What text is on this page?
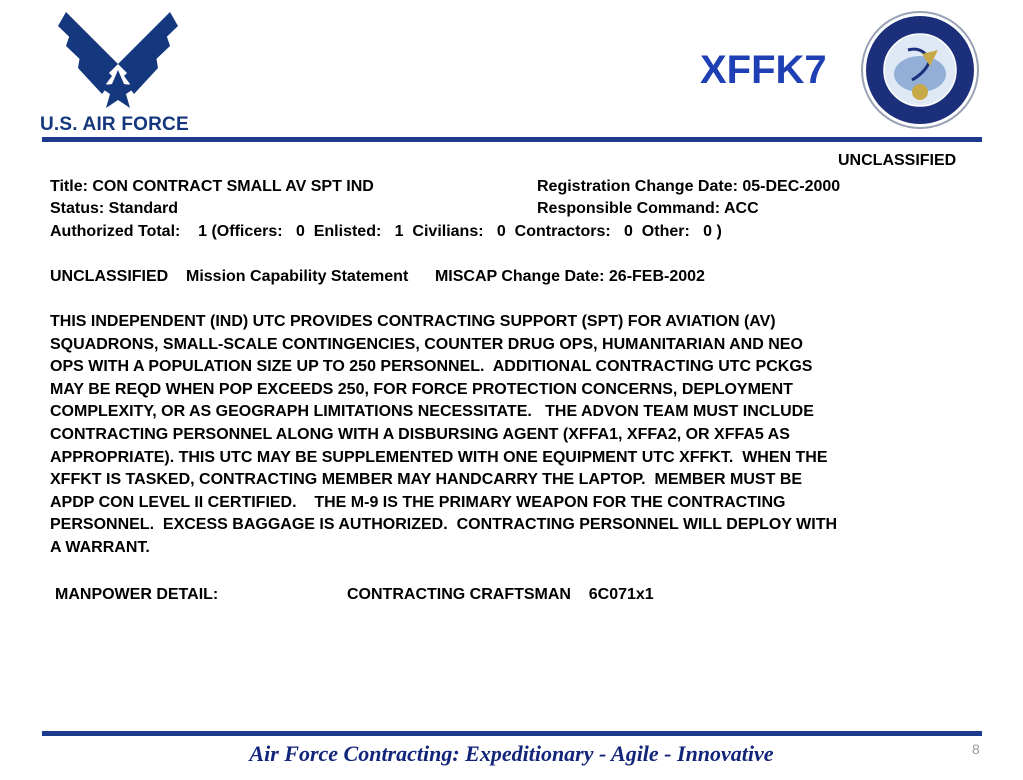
U.S. AIR FORCE
XFFK7
UNCLASSIFIED
Title: CON CONTRACT SMALL AV SPT IND	Registration Change Date: 05-DEC-2000
Status: Standard	Responsible Command: ACC
Authorized Total:    1 (Officers:   0  Enlisted:   1  Civilians:   0  Contractors:   0  Other:   0 )
UNCLASSIFIED    Mission Capability Statement      MISCAP Change Date: 26-FEB-2002
THIS INDEPENDENT (IND) UTC PROVIDES CONTRACTING SUPPORT (SPT) FOR AVIATION (AV)
SQUADRONS, SMALL-SCALE CONTINGENCIES, COUNTER DRUG OPS, HUMANITARIAN AND NEO
OPS WITH A POPULATION SIZE UP TO 250 PERSONNEL.  ADDITIONAL CONTRACTING UTC PCKGS
MAY BE REQD WHEN POP EXCEEDS 250, FOR FORCE PROTECTION CONCERNS, DEPLOYMENT
COMPLEXITY, OR AS GEOGRAPH LIMITATIONS NECESSITATE.   THE ADVON TEAM MUST INCLUDE
CONTRACTING PERSONNEL ALONG WITH A DISBURSING AGENT (XFFA1, XFFA2, OR XFFA5 AS
APPROPRIATE). THIS UTC MAY BE SUPPLEMENTED WITH ONE EQUIPMENT UTC XFFKT.  WHEN THE
XFFKT IS TASKED, CONTRACTING MEMBER MAY HANDCARRY THE LAPTOP.  MEMBER MUST BE
APDP CON LEVEL II CERTIFIED.    THE M-9 IS THE PRIMARY WEAPON FOR THE CONTRACTING
PERSONNEL.  EXCESS BAGGAGE IS AUTHORIZED.  CONTRACTING PERSONNEL WILL DEPLOY WITH
A WARRANT.
MANPOWER DETAIL:	CONTRACTING CRAFTSMAN    6C071x1
Air Force Contracting: Expeditionary - Agile - Innovative	8
